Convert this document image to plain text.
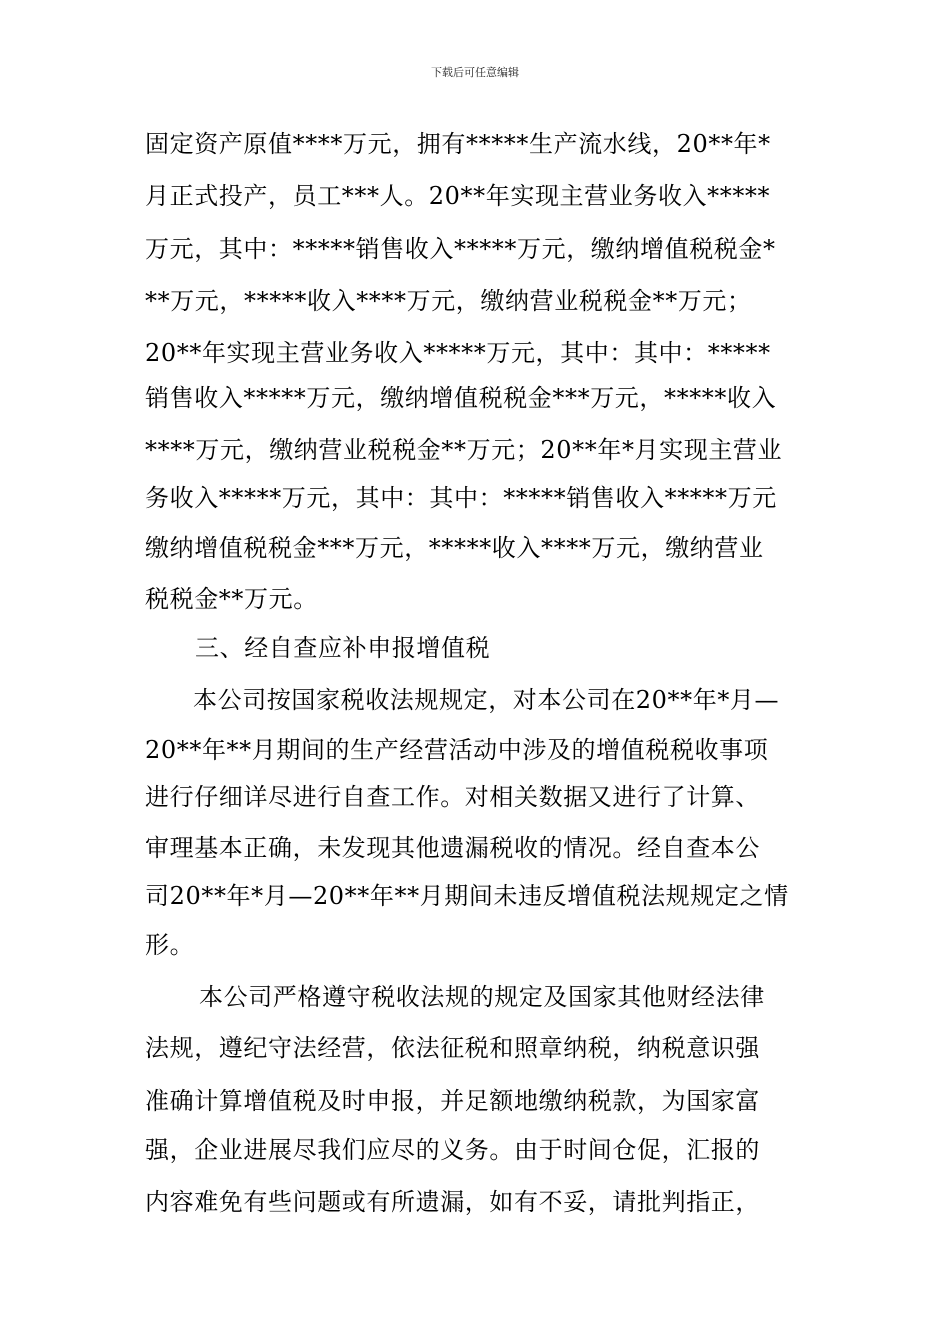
下载后可任意编辑
固定资产原值****万元，拥有*****生产流水线，20**年*
月正式投产，员工***人。20**年实现主营业务收入*****
万元，其中：*****销售收入*****万元，缴纳增值税税金*
**万元，*****收入****万元，缴纳营业税税金**万元；
20**年实现主营业务收入*****万元，其中：其中：*****
销售收入*****万元，缴纳增值税税金***万元，*****收入
****万元，缴纳营业税税金**万元；20**年*月实现主营业
务收入*****万元，其中：其中：*****销售收入*****万元
缴纳增值税税金***万元，*****收入****万元，缴纳营业
税税金**万元。
三、经自查应补申报增值税
本公司按国家税收法规规定，对本公司在20**年*月—
20**年**月期间的生产经营活动中涉及的增值税税收事项
进行仔细详尽进行自查工作。对相关数据又进行了计算、
审理基本正确，未发现其他遗漏税收的情况。经自查本公
司20**年*月—20**年**月期间未违反增值税法规规定之情
形。
本公司严格遵守税收法规的规定及国家其他财经法律
法规，遵纪守法经营，依法征税和照章纳税，纳税意识强
准确计算增值税及时申报，并足额地缴纳税款，为国家富
强，企业进展尽我们应尽的义务。由于时间仓促，汇报的
内容难免有些问题或有所遗漏，如有不妥，请批判指正，
